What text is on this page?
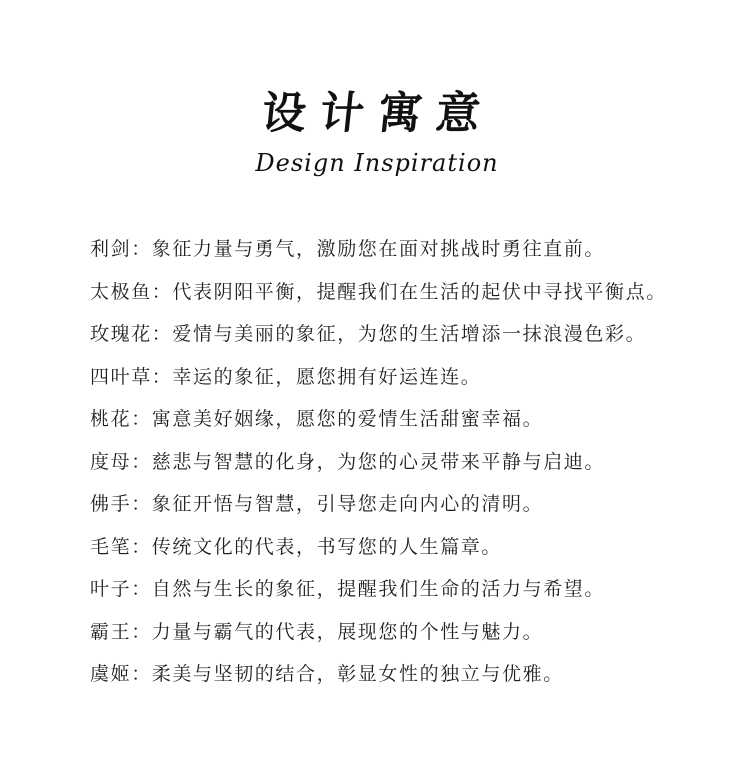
设计寓意
Design Inspiration
利剑：象征力量与勇气，激励您在面对挑战时勇往直前。
太极鱼：代表阴阳平衡，提醒我们在生活的起伏中寻找平衡点。
玫瑰花：爱情与美丽的象征，为您的生活增添一抹浪漫色彩。
四叶草：幸运的象征，愿您拥有好运连连。
桃花：寓意美好姻缘，愿您的爱情生活甜蜜幸福。
度母：慈悲与智慧的化身，为您的心灵带来平静与启迪。
佛手：象征开悟与智慧，引导您走向内心的清明。
毛笔：传统文化的代表，书写您的人生篇章。
叶子：自然与生长的象征，提醒我们生命的活力与希望。
霸王：力量与霸气的代表，展现您的个性与魅力。
虞姬：柔美与坚韧的结合，彰显女性的独立与优雅。
